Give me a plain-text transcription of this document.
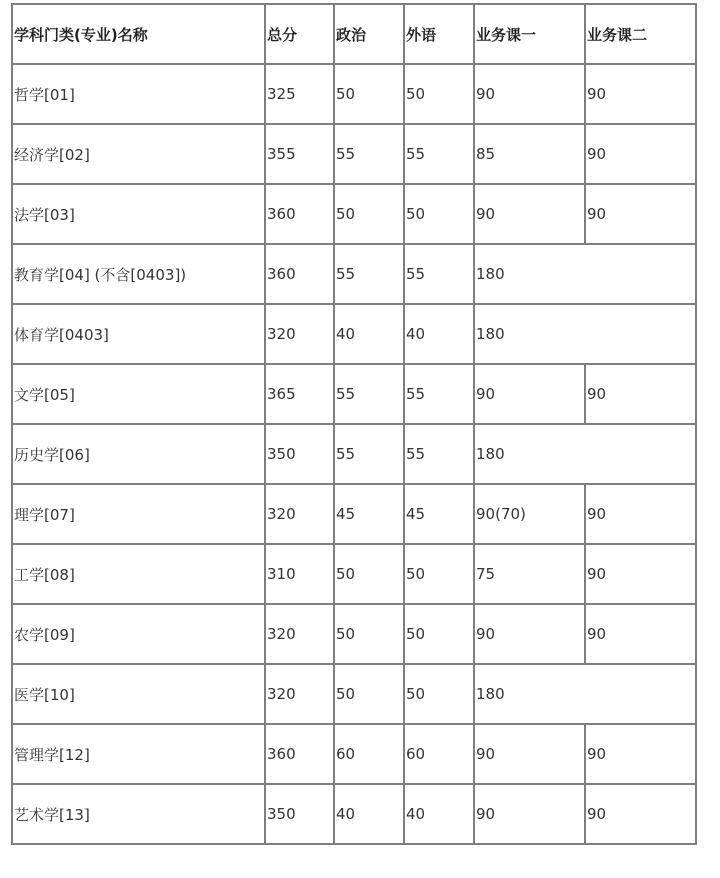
学科门类(专业)名称	总分	政治	外语	业务课一	业务课二
哲学[01]	325	50	50	90	90
经济学[02]	355	55	55	85	90
法学[03]	360	50	50	90	90
教育学[04] (不含[0403])	360	55	55	180	
体育学[0403]	320	40	40	180	
文学[05]	365	55	55	90	90
历史学[06]	350	55	55	180	
理学[07]	320	45	45	90(70)	90
工学[08]	310	50	50	75	90
农学[09]	320	50	50	90	90
医学[10]	320	50	50	180	
管理学[12]	360	60	60	90	90
艺术学[13]	350	40	40	90	90
